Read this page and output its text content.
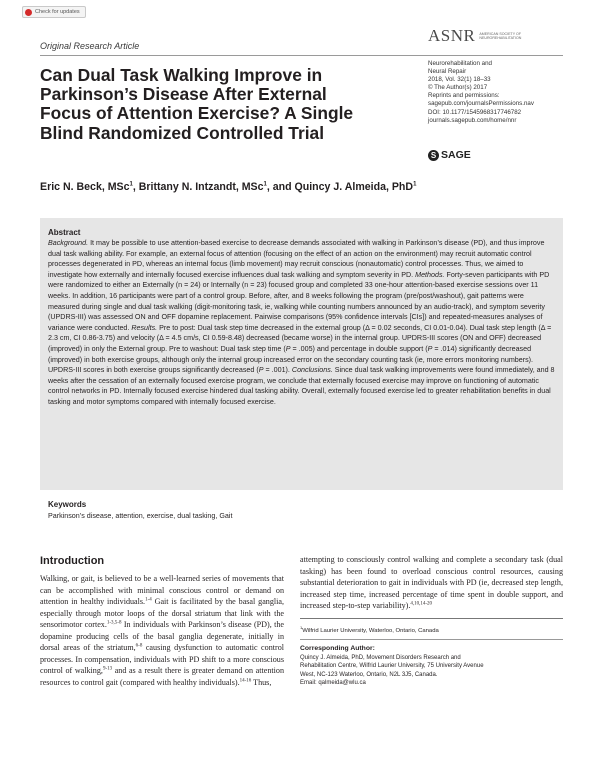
Check for updates
Original Research Article
ASNR AMERICAN SOCIETY OF NEUROREHABILITATION
Can Dual Task Walking Improve in Parkinson’s Disease After External Focus of Attention Exercise? A Single Blind Randomized Controlled Trial
Neurorehabilitation and
Neural Repair
2018, Vol. 32(1) 18–33
© The Author(s) 2017
Reprints and permissions:
sagepub.com/journalsPermissions.nav
DOI: 10.1177/1545968317746782
journals.sagepub.com/home/nnr
S SAGE
Eric N. Beck, MSc$^1$, Brittany N. Intzandt, MSc$^1$, and Quincy J. Almeida, PhD$^1$
Abstract
Background. It may be possible to use attention-based exercise to decrease demands associated with walking in Parkinson’s disease (PD), and thus improve dual task walking ability. For example, an external focus of attention (focusing on the effect of an action on the environment) may recruit automatic control processes degenerated in PD, whereas an internal focus (limb movement) may recruit conscious (nonautomatic) control processes. Thus, we aimed to investigate how externally and internally focused exercise influences dual task walking and symptom severity in PD. Methods. Forty-seven participants with PD were randomized to either an Externally (n = 24) or Internally (n = 23) focused group and completed 33 one-hour attention-based exercise sessions over 11 weeks. In addition, 16 participants were part of a control group. Before, after, and 8 weeks following the program (pre/post/washout), gait patterns were measured during single and dual task walking (digit-monitoring task, ie, walking while counting numbers announced by an audio-track), and symptom severity (UPDRS-III) was assessed ON and OFF dopamine replacement. Pairwise comparisons (95% confidence intervals [CIs]) and repeated-measures analyses of variance were conducted. Results. Pre to post: Dual task step time decreased in the external group (Δ = 0.02 seconds, CI 0.01-0.04). Dual task step length (Δ = 2.3 cm, CI 0.86-3.75) and velocity (Δ = 4.5 cm/s, CI 0.59-8.48) decreased (became worse) in the internal group. UPDRS-III scores (ON and OFF) decreased (improved) in only the External group. Pre to washout: Dual task step time (P = .005) and percentage in double support (P = .014) significantly decreased (improved) in both exercise groups, although only the internal group increased error on the secondary counting task (ie, more errors monitoring numbers). UPDRS-III scores in both exercise groups significantly decreased (P = .001). Conclusions. Since dual task walking improvements were found immediately, and 8 weeks after the cessation of an externally focused exercise program, we conclude that externally focused exercise may improve on functioning of automatic control networks in PD. Internally focused exercise hindered dual tasking ability. Overall, externally focused exercise led to greater rehabilitation benefits in dual tasking and motor symptoms compared with internally focused exercise.
Keywords
Parkinson’s disease, attention, exercise, dual tasking, Gait
Introduction
Walking, or gait, is believed to be a well-learned series of movements that can be accomplished with minimal conscious control or demand on attention in healthy individuals.$^{1-4}$ Gait is facilitated by the basal ganglia, especially through motor loops of the dorsal striatum that link with the sensorimotor cortex.$^{1-3,5-8}$ In individuals with Parkinson’s disease (PD), the dopamine producing cells of the basal ganglia degenerate, initially in dorsal areas of the striatum,$^{6-8}$ causing dysfunction to automatic control processes. In compensation, individuals with PD shift to a more conscious control of walking,$^{9-13}$ and as a result there is greater demand on attention resources to control gait (compared with healthy individuals).$^{14-16}$ Thus,
attempting to consciously control walking and complete a secondary task (dual tasking) has been found to overload conscious control resources, causing substantial deterioration to gait in individuals with PD (ie, decreased step length, increased step time, increased percentage of time spent in double support, and increased step-to-step variability).$^{4,10,14-20}$
$^1$Wilfrid Laurier University, Waterloo, Ontario, Canada
Corresponding Author:
Quincy J. Almeida, PhD, Movement Disorders Research and
Rehabilitation Centre, Wilfrid Laurier University, 75 University Avenue
West, NC-123 Waterloo, Ontario, N2L 3J5, Canada.
Email: qalmeida@wlu.ca
